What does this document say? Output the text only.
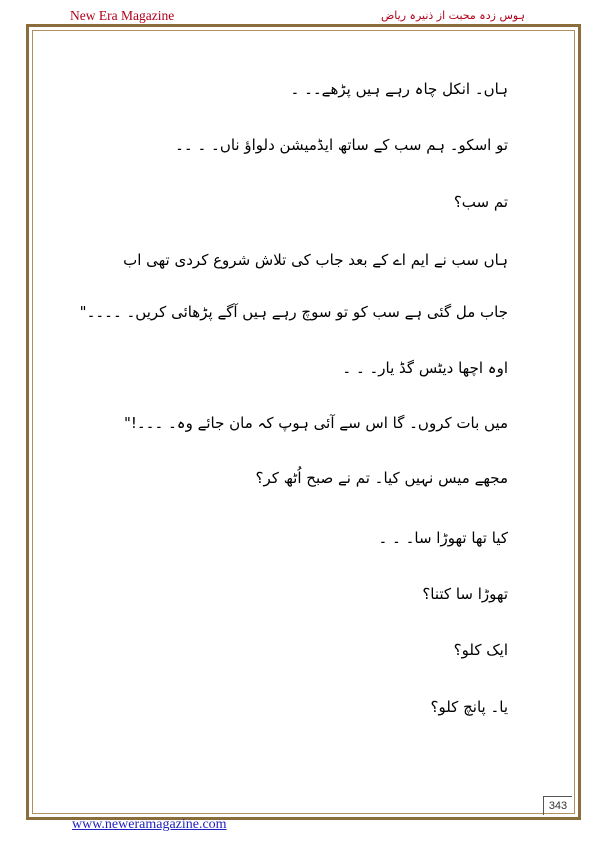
New Era Magazine	ہوس زدہ محبت از ذنیرہ ریاض
ہاں۔ انکل چاہ رہے ہیں پڑھے۔۔ ۔
تو اسکو۔ ہم سب کے ساتھ ایڈمیشن دلواؤ ناں۔ ۔ ۔۔
تم سب؟
ہاں سب نے ایم اے کے بعد جاب کی تلاش شروع کردی تھی اب
جاب مل گئی ہے سب کو تو سوچ رہے ہیں آگے پڑھائی کریں۔ ۔۔۔۔"
اوہ اچھا دیٹس گڈ یار۔ ۔ ۔
میں بات کروں۔ گا اس سے آئی ہوپ کہ مان جائے وہ۔ ۔۔۔!"
مجھے میس نہیں کیا۔ تم نے صبح اُٹھ کر؟
کیا تھا تھوڑا سا۔ ۔ ۔
تھوڑا سا کتنا؟
ایک کلو؟
یا۔ پانچ کلو؟
343
www.neweramagazine.com
